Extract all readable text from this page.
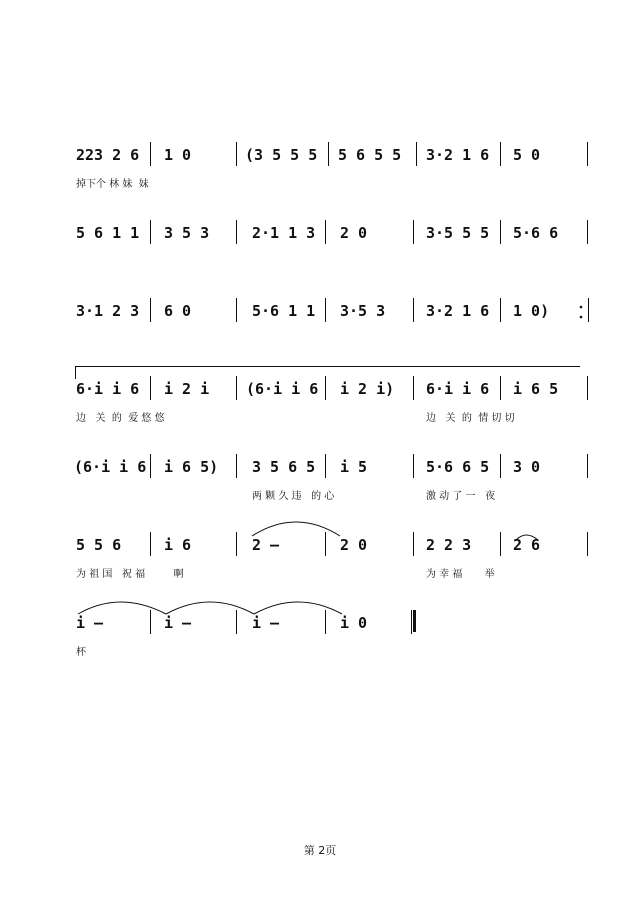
223 2 6 1 0	(3 5 5 5 5 6 5 5 3·2 1 6 5 0
掉下个 林 妹  妹
5 6 1 1 3 5 3	2·1 1 3 2 0	3·5 5 5 5·6 6
3·1 2 3 6 0	5·6 1 1 3·5 3	3·2 1 6 1 0)
6·i i 6 i 2 i (6·i i 6 i 2 i) 6·i i 6 i 6 5
边   关  的  爱 悠 悠	边   关  的  情 切 切
(6·i i 6 i 6 5) 3 5 6 5 i 5	5·6 6 5 3 0
两 颗 久 违   的 心	激 动 了 一   夜
5 5 6	i 6	2 –	2 0	2 2 3	2 6
为 祖 国   祝 福         啊	为 幸 福       举
i –	i –	i –	i 0
杯
第 2页
